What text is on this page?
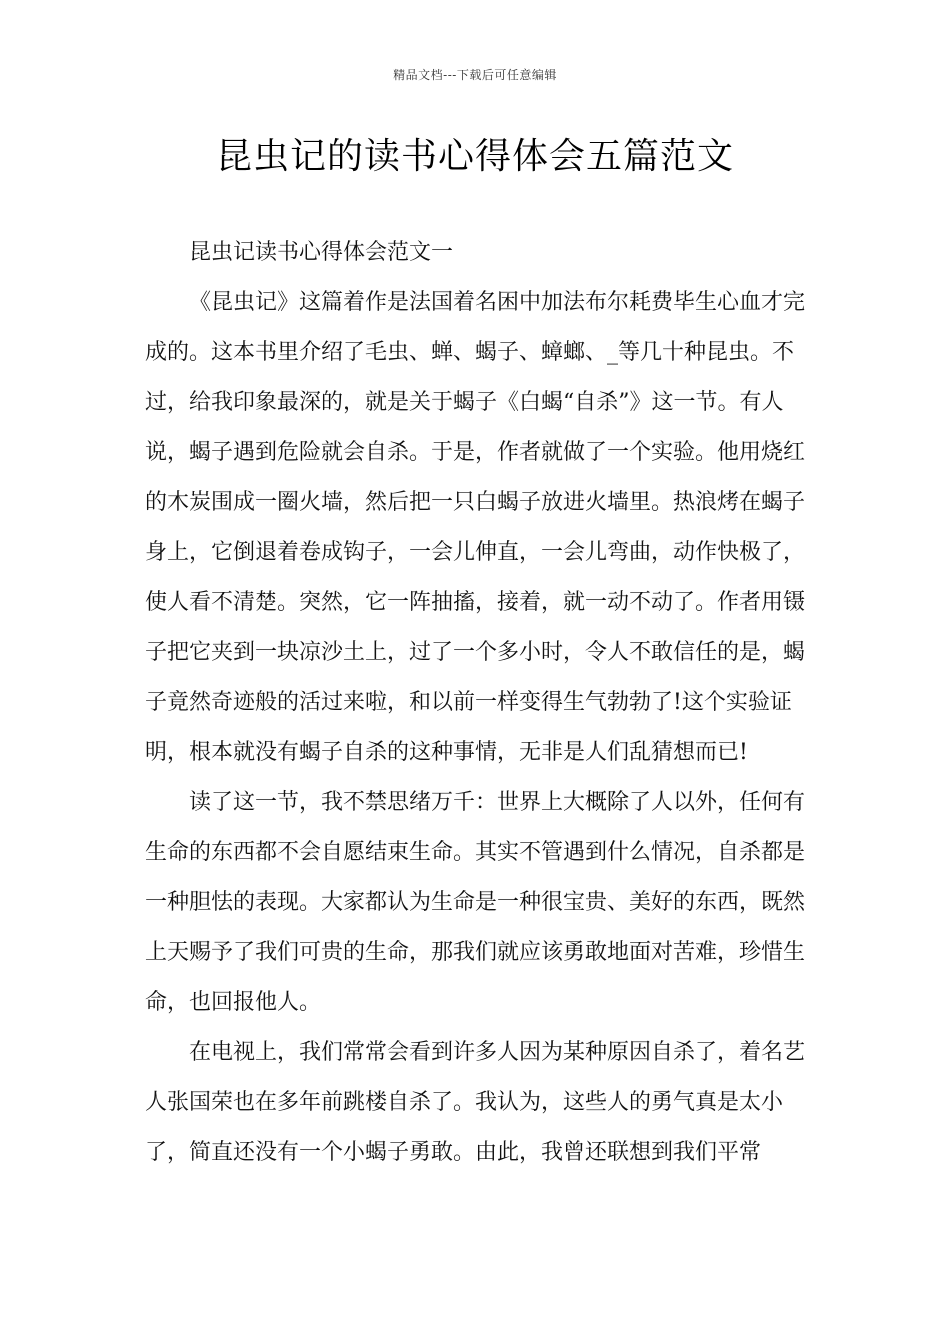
精品文档---下载后可任意编辑
昆虫记的读书心得体会五篇范文

昆虫记读书心得体会范文一

《昆虫记》这篇着作是法国着名困中加法布尔耗费毕生心血才完成的。这本书里介绍了毛虫、蝉、蝎子、蟑螂、_等几十种昆虫。不过，给我印象最深的，就是关于蝎子《白蝎“自杀”》这一节。有人说，蝎子遇到危险就会自杀。于是，作者就做了一个实验。他用烧红的木炭围成一圈火墙，然后把一只白蝎子放进火墙里。热浪烤在蝎子身上，它倒退着卷成钩子，一会儿伸直，一会儿弯曲，动作快极了，使人看不清楚。突然，它一阵抽搐，接着，就一动不动了。作者用镊子把它夹到一块凉沙土上，过了一个多小时，令人不敢信任的是，蝎子竟然奇迹般的活过来啦，和以前一样变得生气勃勃了!这个实验证明，根本就没有蝎子自杀的这种事情，无非是人们乱猜想而已!

读了这一节，我不禁思绪万千：世界上大概除了人以外，任何有生命的东西都不会自愿结束生命。其实不管遇到什么情况，自杀都是一种胆怯的表现。大家都认为生命是一种很宝贵、美好的东西，既然上天赐予了我们可贵的生命，那我们就应该勇敢地面对苦难，珍惜生命，也回报他人。

在电视上，我们常常会看到许多人因为某种原因自杀了，着名艺人张国荣也在多年前跳楼自杀了。我认为，这些人的勇气真是太小了，简直还没有一个小蝎子勇敢。由此，我曾还联想到我们平常
